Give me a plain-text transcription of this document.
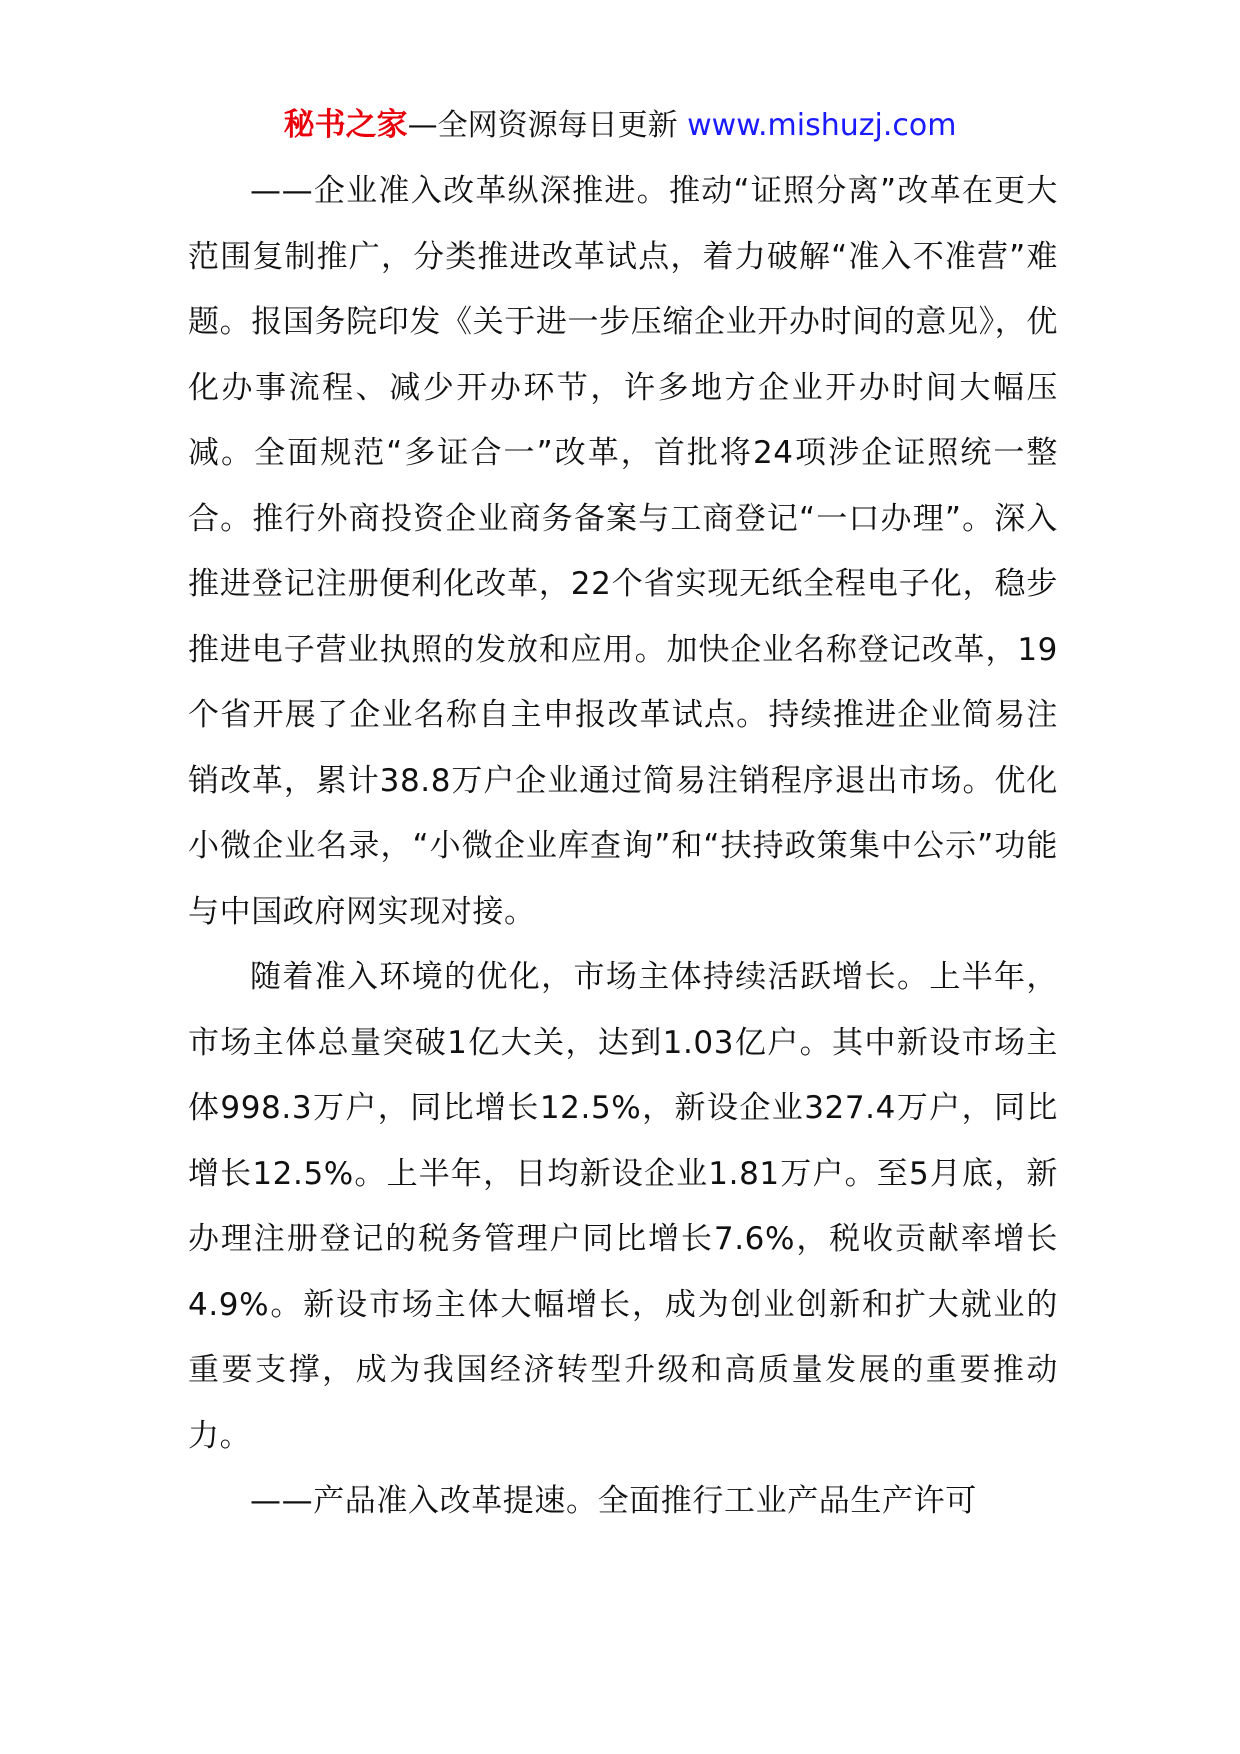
秘书之家—全网资源每日更新 www.mishuzj.com

——企业准入改革纵深推进。推动“证照分离”改革在更大范围复制推广，分类推进改革试点，着力破解“准入不准营”难题。报国务院印发《关于进一步压缩企业开办时间的意见》，优化办事流程、减少开办环节，许多地方企业开办时间大幅压减。全面规范“多证合一”改革，首批将24项涉企证照统一整合。推行外商投资企业商务备案与工商登记“一口办理”。深入推进登记注册便利化改革，22个省实现无纸全程电子化，稳步推进电子营业执照的发放和应用。加快企业名称登记改革，19个省开展了企业名称自主申报改革试点。持续推进企业简易注销改革，累计38.8万户企业通过简易注销程序退出市场。优化小微企业名录，“小微企业库查询”和“扶持政策集中公示”功能与中国政府网实现对接。

随着准入环境的优化，市场主体持续活跃增长。上半年，市场主体总量突破1亿大关，达到1.03亿户。其中新设市场主体998.3万户，同比增长12.5%，新设企业327.4万户，同比增长12.5%。上半年，日均新设企业1.81万户。至5月底，新办理注册登记的税务管理户同比增长7.6%，税收贡献率增长4.9%。新设市场主体大幅增长，成为创业创新和扩大就业的重要支撑，成为我国经济转型升级和高质量发展的重要推动力。

——产品准入改革提速。全面推行工业产品生产许可
